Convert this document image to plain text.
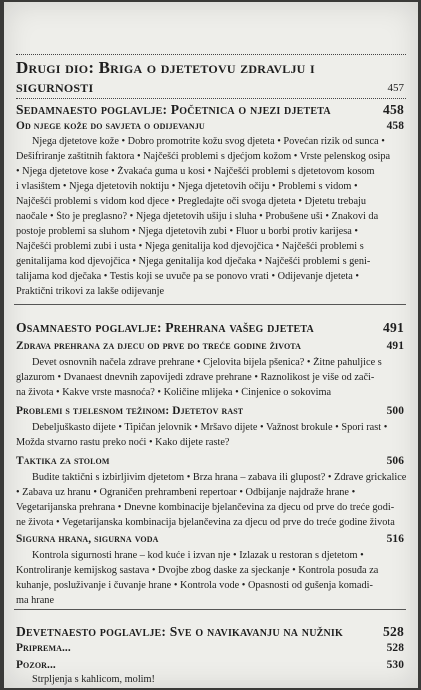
Drugi dio: Briga o djetetovu zdravlju i
sigurnosti	457
Sedamnaesto poglavlje: Početnica o njezi djeteta	458
Od njege kože do savjeta o odijevanju	458
Njega djetetove kože • Dobro promotrite kožu svog djeteta • Povećan rizik od sunca •
Dešifriranje zaštitnih faktora • Najčešći problemi s djećjom kožom • Vrste pelenskog osipa
• Njega djetetove kose • Žvakaća guma u kosi • Najčešći problemi s djetetovom kosom
i vlasištem • Njega djetetovih noktiju • Njega djetetovih očiju • Problemi s vidom •
Najčešći problemi s vidom kod djece • Pregledajte oči svoga djeteta • Djetetu trebaju
naočale • Što je preglasno? • Njega djetetovih ušiju i sluha • Probušene uši • Znakovi da
postoje problemi sa sluhom • Njega djetetovih zubi • Fluor u borbi protiv karijesa •
Najčešći problemi zubi i usta • Njega genitalija kod djevojčica • Najčešći problemi s
genitalijama kod djevojčica • Njega genitalija kod dječaka • Najčešći problemi s geni-
talijama kod dječaka • Testis koji se uvuče pa se ponovo vrati • Odijevanje djeteta •
Praktični trikovi za lakše odijevanje
Osamnaesto poglavlje: Prehrana vašeg djeteta	491
Zdrava prehrana za djecu od prve do treće godine života	491
Devet osnovnih načela zdrave prehrane • Cjelovita bijela pšenica? • Žitne pahuljice s
glazurom • Dvanaest dnevnih zapovijedi zdrave prehrane • Raznolikost je više od zači-
na života • Kakve vrste masnoća? • Količine mlijeka • Činjenice o sokovima
Problemi s tjelesnom težinom: Djetetov rast	500
Debeljuškasto dijete • Tipičan jelovnik • Mršavo dijete • Važnost brokule • Spori rast •
Možda stvarno rastu preko noći • Kako dijete raste?
Taktika za stolom	506
Budite taktični s izbirljivim djetetom • Brza hrana – zabava ili glupost? • Zdrave grickalice
• Zabava uz hranu • Ograničen prehrambeni repertoar • Odbijanje najdraže hrane •
Vegetarijanska prehrana • Dnevne kombinacije bjelančevina za djecu od prve do treće godi-
ne života • Vegetarijanska kombinacija bjelančevina za djecu od prve do treće godine života
Sigurna hrana, sigurna voda	516
Kontrola sigurnosti hrane – kod kuće i izvan nje • Izlazak u restoran s djetetom •
Kontroliranje kemijskog sastava • Dvojbe zbog daske za sjeckanje • Kontrola posuđa za
kuhanje, posluživanje i čuvanje hrane • Kontrola vode • Opasnosti od gušenja komadi-
ma hrane
Devetnaesto poglavlje: Sve o navikavanju na nužnik	528
Priprema...	528
Pozor...	530
Strpljenja s kahlicom, molim!
